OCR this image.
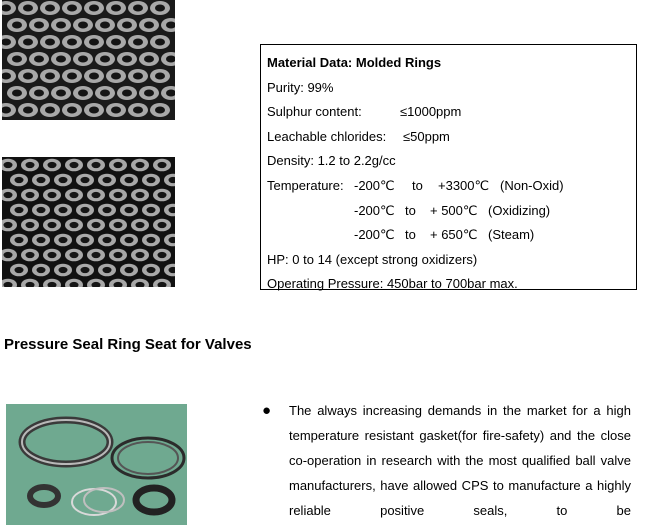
Material Data: Molded Rings
Purity: 99%
Sulphur content:	≤1000ppm
Leachable chlorides: ≤50ppm
Density: 1.2 to 2.2g/cc
Temperature: -200℃ to +3300℃ (Non-Oxid)
-200℃ to + 500℃ (Oxidizing)
-200℃ to + 650℃ (Steam)
HP: 0 to 14 (except strong oxidizers)
Operating Pressure: 450bar to 700bar max.
Pressure Seal Ring Seat for Valves
● The always increasing demands in the market for a high temperature resistant gasket(for fire-safety) and the close co-operation in research with the most qualified ball valve manufacturers, have allowed CPS to manufacture a highly reliable positive seals, to be
